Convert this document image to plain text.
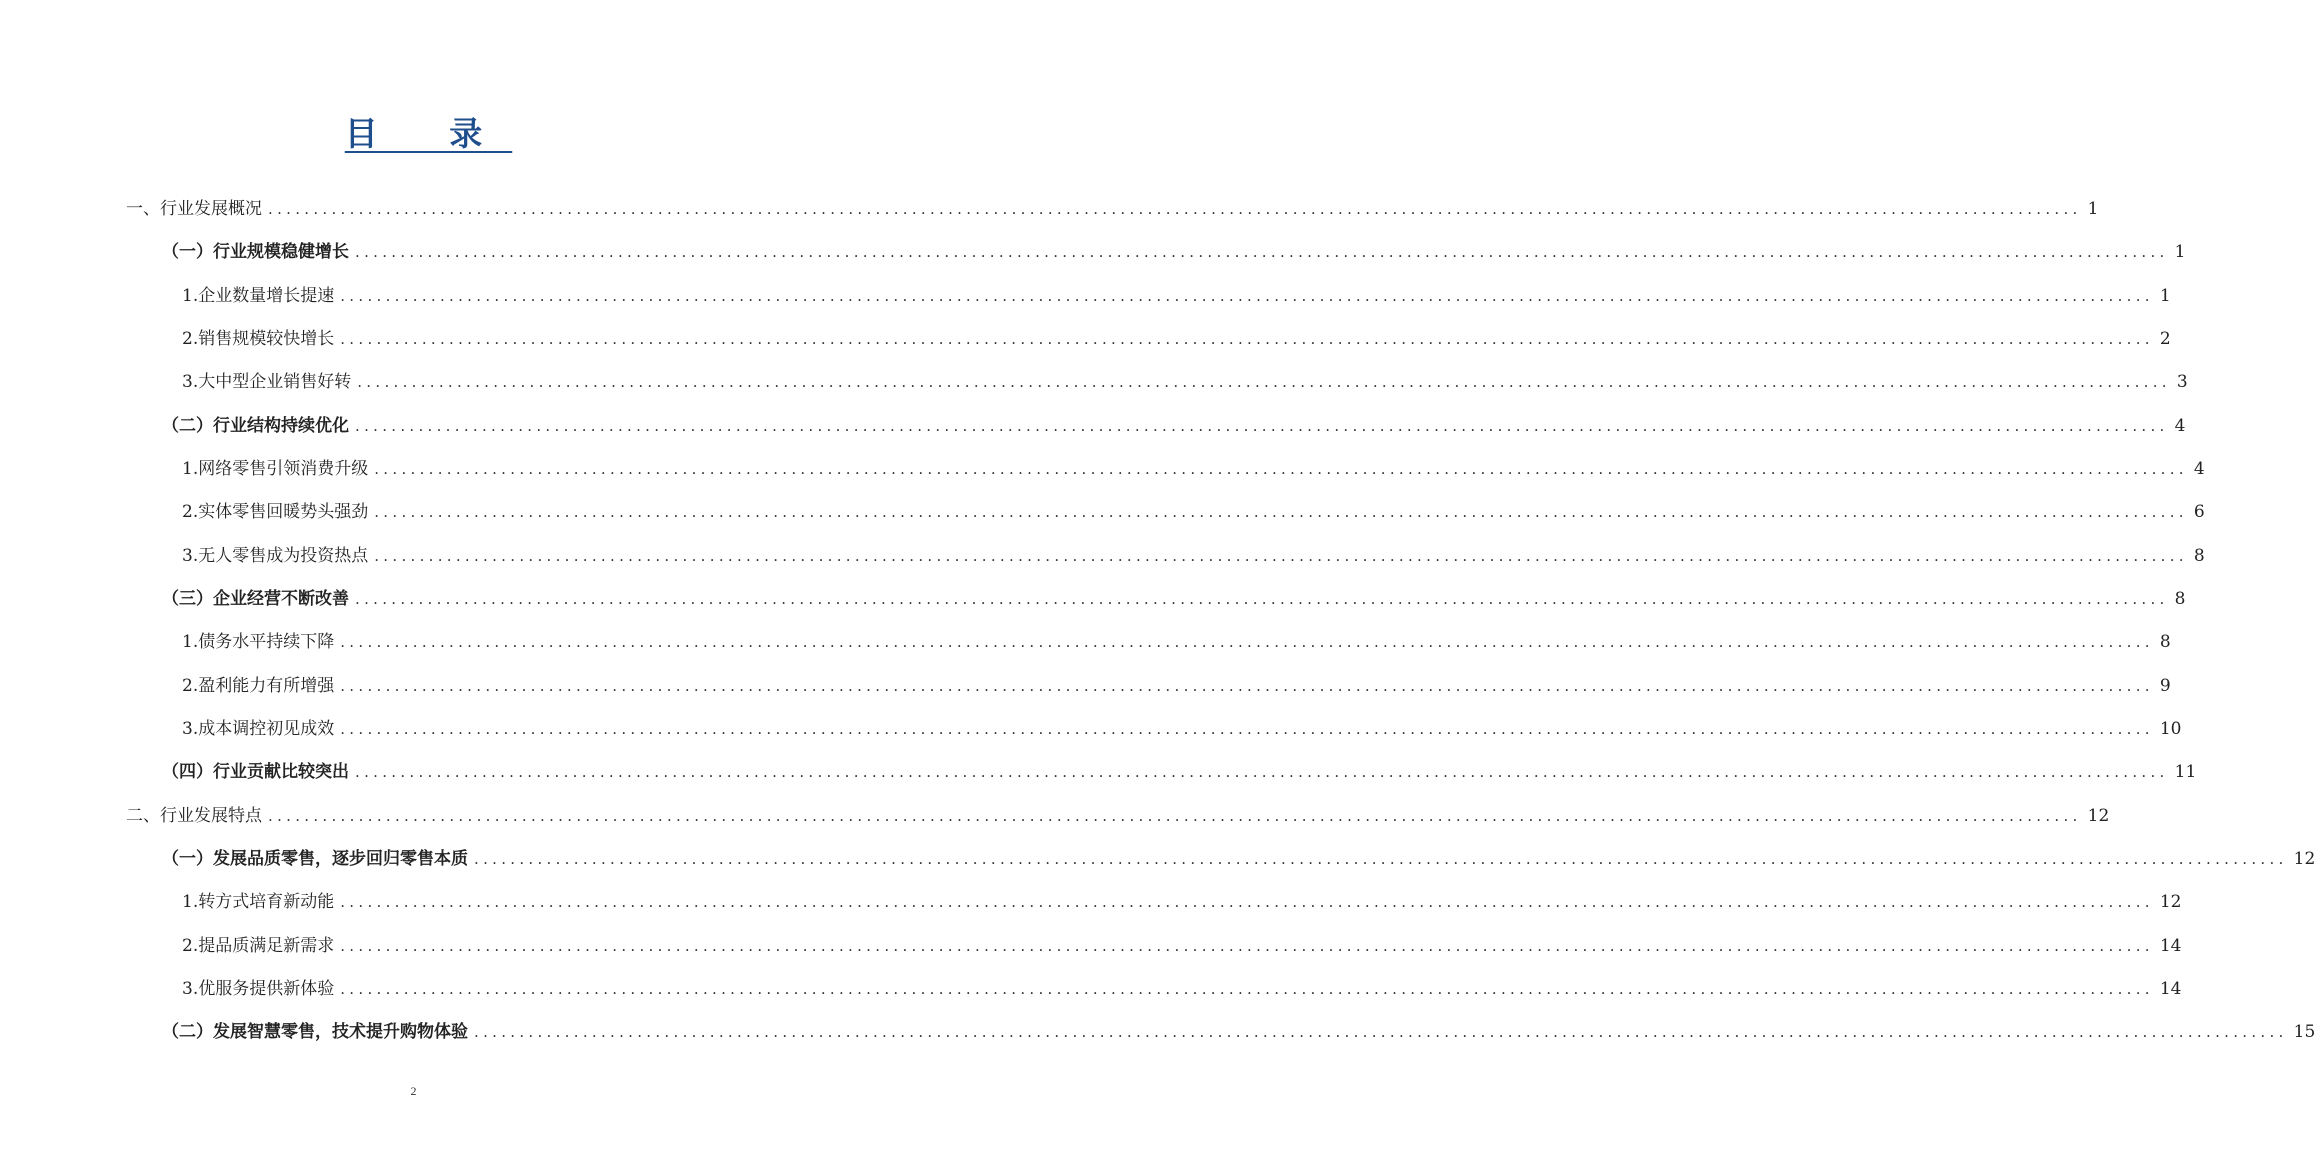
目 录
一、行业发展概况 ........................................................................................................................................................................................................ 1
（一）行业规模稳健增长 ........................................................................................................................................................................................................ 1
1.企业数量增长提速 ........................................................................................................................................................................................................ 1
2.销售规模较快增长 ........................................................................................................................................................................................................ 2
3.大中型企业销售好转 ........................................................................................................................................................................................................ 3
（二）行业结构持续优化 ........................................................................................................................................................................................................ 4
1.网络零售引领消费升级 ........................................................................................................................................................................................................ 4
2.实体零售回暖势头强劲 ........................................................................................................................................................................................................ 6
3.无人零售成为投资热点 ........................................................................................................................................................................................................ 8
（三）企业经营不断改善 ........................................................................................................................................................................................................ 8
1.债务水平持续下降 ........................................................................................................................................................................................................ 8
2.盈利能力有所增强 ........................................................................................................................................................................................................ 9
3.成本调控初见成效 ........................................................................................................................................................................................................ 10
（四）行业贡献比较突出 ........................................................................................................................................................................................................ 11
二、行业发展特点 ........................................................................................................................................................................................................ 12
（一）发展品质零售，逐步回归零售本质 ........................................................................................................................................................................................................ 12
1.转方式培育新动能 ........................................................................................................................................................................................................ 12
2.提品质满足新需求 ........................................................................................................................................................................................................ 14
3.优服务提供新体验 ........................................................................................................................................................................................................ 14
（二）发展智慧零售，技术提升购物体验 ........................................................................................................................................................................................................ 15
2
